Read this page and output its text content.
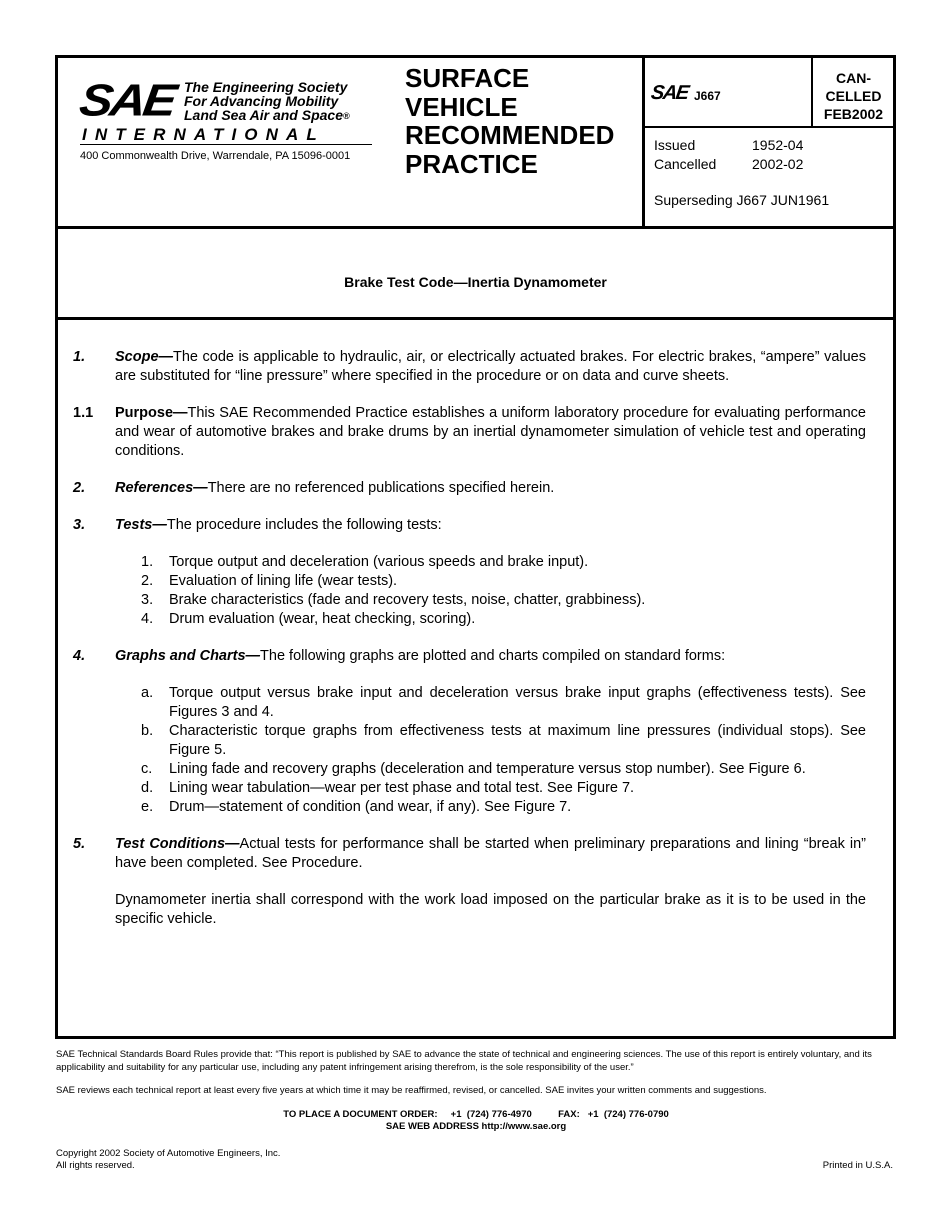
SAE The Engineering Society
For Advancing Mobility
Land Sea Air and Space®
INTERNATIONAL
400 Commonwealth Drive, Warrendale, PA 15096-0001
SURFACE
VEHICLE
RECOMMENDED
PRACTICE
SAE J667
CAN-
CELLED
FEB2002
Issued	1952-04
Cancelled	2002-02
Superseding J667 JUN1961
Brake Test Code—Inertia Dynamometer
1. Scope—The code is applicable to hydraulic, air, or electrically actuated brakes. For electric brakes, “ampere” values are substituted for “line pressure” where specified in the procedure or on data and curve sheets.
1.1 Purpose—This SAE Recommended Practice establishes a uniform laboratory procedure for evaluating performance and wear of automotive brakes and brake drums by an inertial dynamometer simulation of vehicle test and operating conditions.
2. References—There are no referenced publications specified herein.
3. Tests—The procedure includes the following tests:
1. Torque output and deceleration (various speeds and brake input).
2. Evaluation of lining life (wear tests).
3. Brake characteristics (fade and recovery tests, noise, chatter, grabbiness).
4. Drum evaluation (wear, heat checking, scoring).
4. Graphs and Charts—The following graphs are plotted and charts compiled on standard forms:
a. Torque output versus brake input and deceleration versus brake input graphs (effectiveness tests). See Figures 3 and 4.
b. Characteristic torque graphs from effectiveness tests at maximum line pressures (individual stops). See Figure 5.
c. Lining fade and recovery graphs (deceleration and temperature versus stop number). See Figure 6.
d. Lining wear tabulation—wear per test phase and total test. See Figure 7.
e. Drum—statement of condition (and wear, if any). See Figure 7.
5. Test Conditions—Actual tests for performance shall be started when preliminary preparations and lining “break in” have been completed. See Procedure.
Dynamometer inertia shall correspond with the work load imposed on the particular brake as it is to be used in the specific vehicle.

SAE Technical Standards Board Rules provide that: “This report is published by SAE to advance the state of technical and engineering sciences. The use of this report is entirely voluntary, and its applicability and suitability for any particular use, including any patent infringement arising therefrom, is the sole responsibility of the user.”

SAE reviews each technical report at least every five years at which time it may be reaffirmed, revised, or cancelled. SAE invites your written comments and suggestions.

TO PLACE A DOCUMENT ORDER:     +1  (724) 776-4970          FAX:   +1  (724) 776-0790
SAE WEB ADDRESS http://www.sae.org
Copyright 2002 Society of Automotive Engineers, Inc.
All rights reserved.	Printed in U.S.A.
